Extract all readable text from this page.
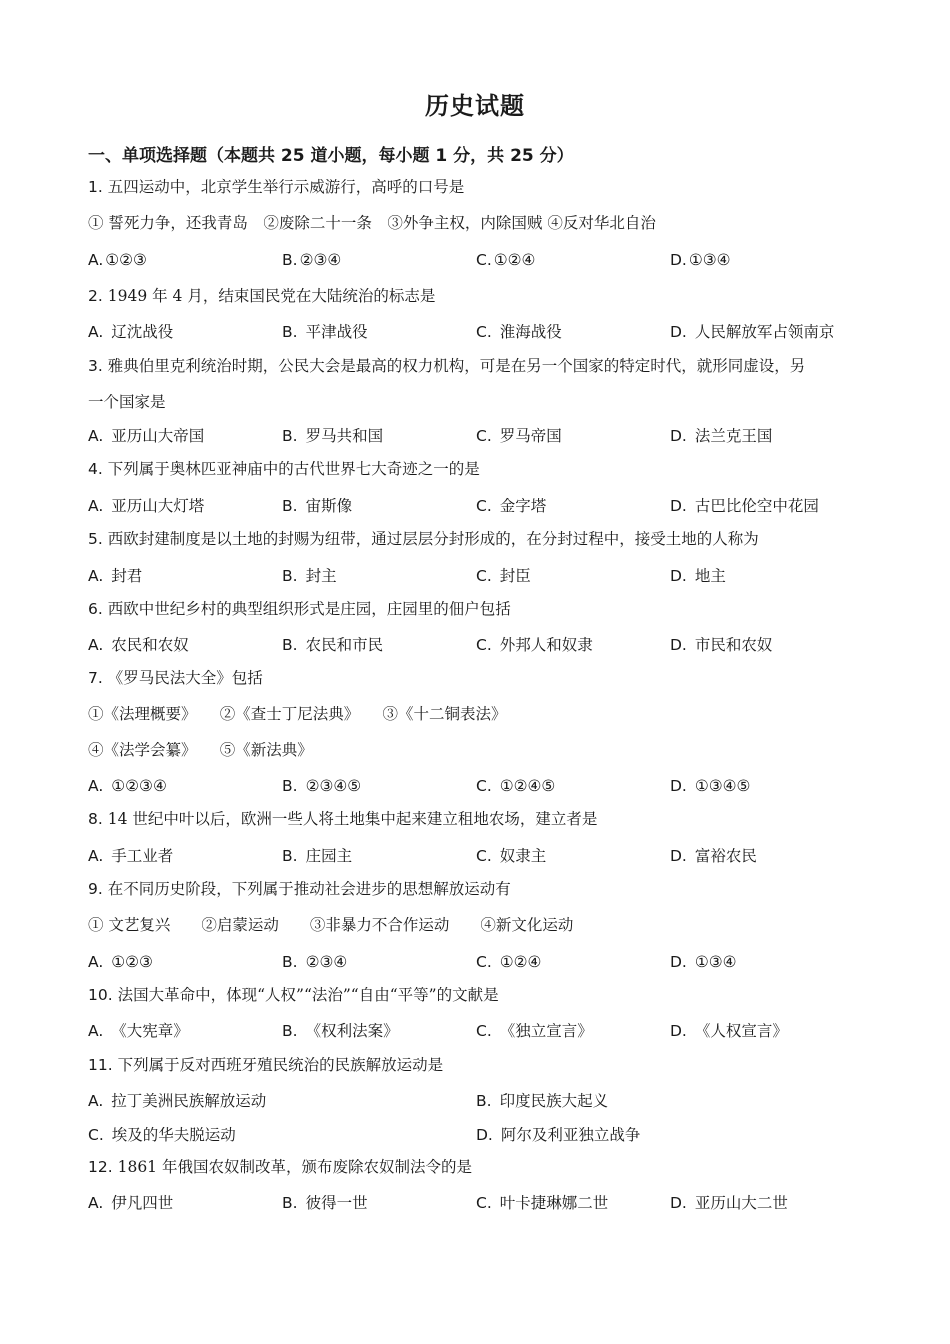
历史试题
一、单项选择题（本题共 25 道小题，每小题 1 分，共 25 分）
1. 五四运动中，北京学生举行示威游行，高呼的口号是
① 誓死力争，还我青岛　②废除二十一条　③外争主权，内除国贼 ④反对华北自治
A. ①②③	B. ②③④	C. ①②④	D. ①③④
2. 1949 年 4 月，结束国民党在大陆统治的标志是
A. 辽沈战役	B. 平津战役	C. 淮海战役	D. 人民解放军占领南京
3. 雅典伯里克利统治时期，公民大会是最高的权力机构，可是在另一个国家的特定时代，就形同虚设，另
一个国家是
A. 亚历山大帝国	B. 罗马共和国	C. 罗马帝国	D. 法兰克王国
4. 下列属于奥林匹亚神庙中的古代世界七大奇迹之一的是
A. 亚历山大灯塔	B. 宙斯像	C. 金字塔	D. 古巴比伦空中花园
5. 西欧封建制度是以土地的封赐为纽带，通过层层分封形成的，在分封过程中，接受土地的人称为
A. 封君	B. 封主	C. 封臣	D. 地主
6. 西欧中世纪乡村的典型组织形式是庄园，庄园里的佃户包括
A. 农民和农奴	B. 农民和市民	C. 外邦人和奴隶	D. 市民和农奴
7. 《罗马民法大全》包括
①《法理概要》　　②《查士丁尼法典》　　③《十二铜表法》
④《法学会纂》　　⑤《新法典》
A. ①②③④	B. ②③④⑤	C. ①②④⑤	D. ①③④⑤
8. 14 世纪中叶以后，欧洲一些人将土地集中起来建立租地农场，建立者是
A. 手工业者	B. 庄园主	C. 奴隶主	D. 富裕农民
9. 在不同历史阶段，下列属于推动社会进步的思想解放运动有
① 文艺复兴　　②启蒙运动　　③非暴力不合作运动　　④新文化运动
A. ①②③	B. ②③④	C. ①②④	D. ①③④
10. 法国大革命中，体现“人权”“法治”“自由“平等”的文献是
A. 《大宪章》	B. 《权利法案》	C. 《独立宣言》	D. 《人权宣言》
11. 下列属于反对西班牙殖民统治的民族解放运动是
A. 拉丁美洲民族解放运动	B. 印度民族大起义
C. 埃及的华夫脱运动	D. 阿尔及利亚独立战争
12. 1861 年俄国农奴制改革，颁布废除农奴制法令的是
A. 伊凡四世	B. 彼得一世	C. 叶卡捷琳娜二世	D. 亚历山大二世
